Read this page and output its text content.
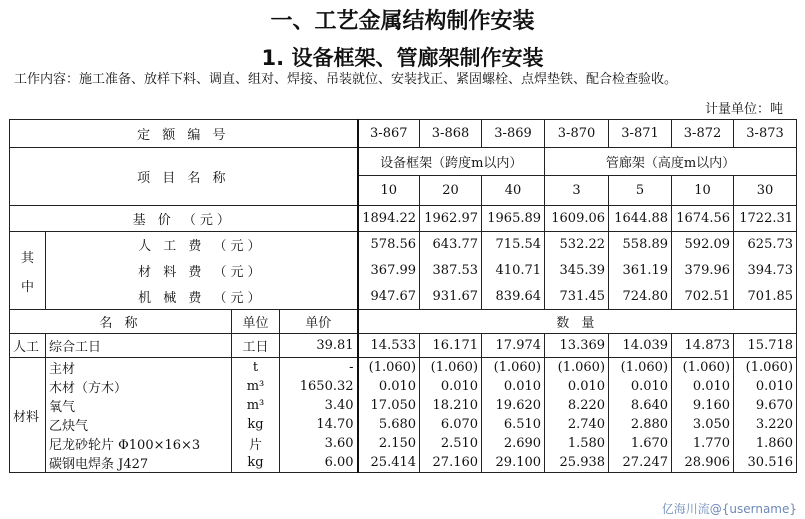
一、工艺金属结构制作安装
1. 设备框架、管廊架制作安装
工作内容：施工准备、放样下料、调直、组对、焊接、吊装就位、安装找正、紧固螺栓、点焊垫铁、配合检查验收。
计量单位：吨
定 额 编 号				3-867	3-868	3-869	3-870	3-871	3-872	3-873
项 目 名 称				设备框架（跨度m以内）			管廊架（高度m以内）			
				10	20	40	3	5	10	30
基 价 （元）				1894.22	1962.97	1965.89	1609.06	1644.88	1674.56	1722.31

其
中	人 工 费 （元）			578.56	643.77	715.54	532.22	558.89	592.09	625.73
	材 料 费 （元）			367.99	387.53	410.71	345.39	361.19	379.96	394.73
	机 械 费 （元）			947.67	931.67	839.64	731.45	724.80	702.51	701.85
名 称		单位	单价	数 量						
人工	综合工日	工日	39.81	14.533	16.171	17.974	13.369	14.039	14.873	15.718
材料	主材	t	-	(1.060)	(1.060)	(1.060)	(1.060)	(1.060)	(1.060)	(1.060)
	木材（方木）	m³	1650.32	0.010	0.010	0.010	0.010	0.010	0.010	0.010
	氧气	m³	3.40	17.050	18.210	19.620	8.220	8.640	9.160	9.670
	乙炔气	kg	14.70	5.680	6.070	6.510	2.740	2.880	3.050	3.220
	尼龙砂轮片 Φ100×16×3	片	3.60	2.150	2.510	2.690	1.580	1.670	1.770	1.860
	碳钢电焊条 J427	kg	6.00	25.414	27.160	29.100	25.938	27.247	28.906	30.516
亿海川流@{username}
